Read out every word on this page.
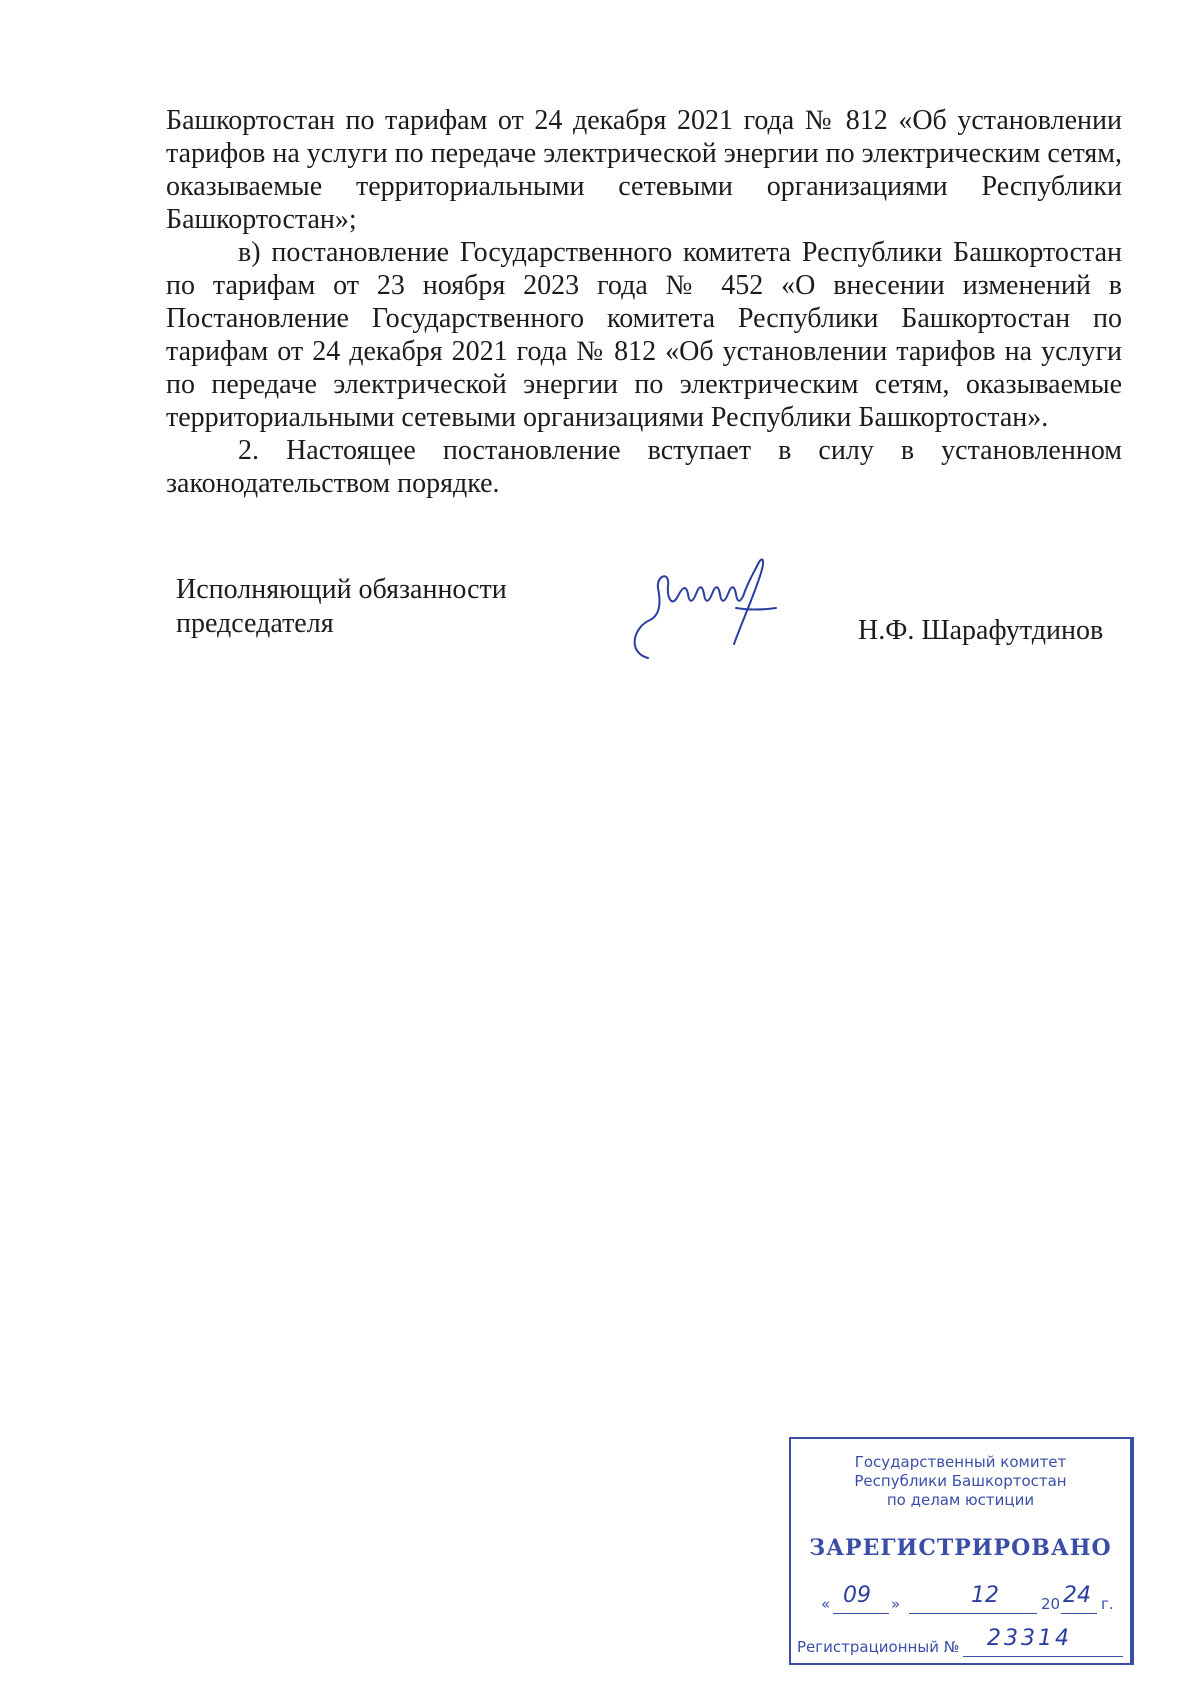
Башкортостан по тарифам от 24 декабря 2021 года № 812 «Об установлении тарифов на услуги по передаче электрической энергии по электрическим сетям, оказываемые территориальными сетевыми организациями Республики Башкортостан»;

в) постановление Государственного комитета Республики Башкортостан по тарифам от 23 ноября 2023 года № 452 «О внесении изменений в Постановление Государственного комитета Республики Башкортостан по тарифам от 24 декабря 2021 года № 812 «Об установлении тарифов на услуги по передаче электрической энергии по электрическим сетям, оказываемые территориальными сетевыми организациями Республики Башкортостан».

2. Настоящее постановление вступает в силу в установленном законодательством порядке.

Исполняющий обязанности
председателя	Н.Ф. Шарафутдинов
Государственный комитет
Республики Башкортостан
по делам юстиции
ЗАРЕГИСТРИРОВАНО
« 09 »	12	20 24 г.
Регистрационный № 23314
